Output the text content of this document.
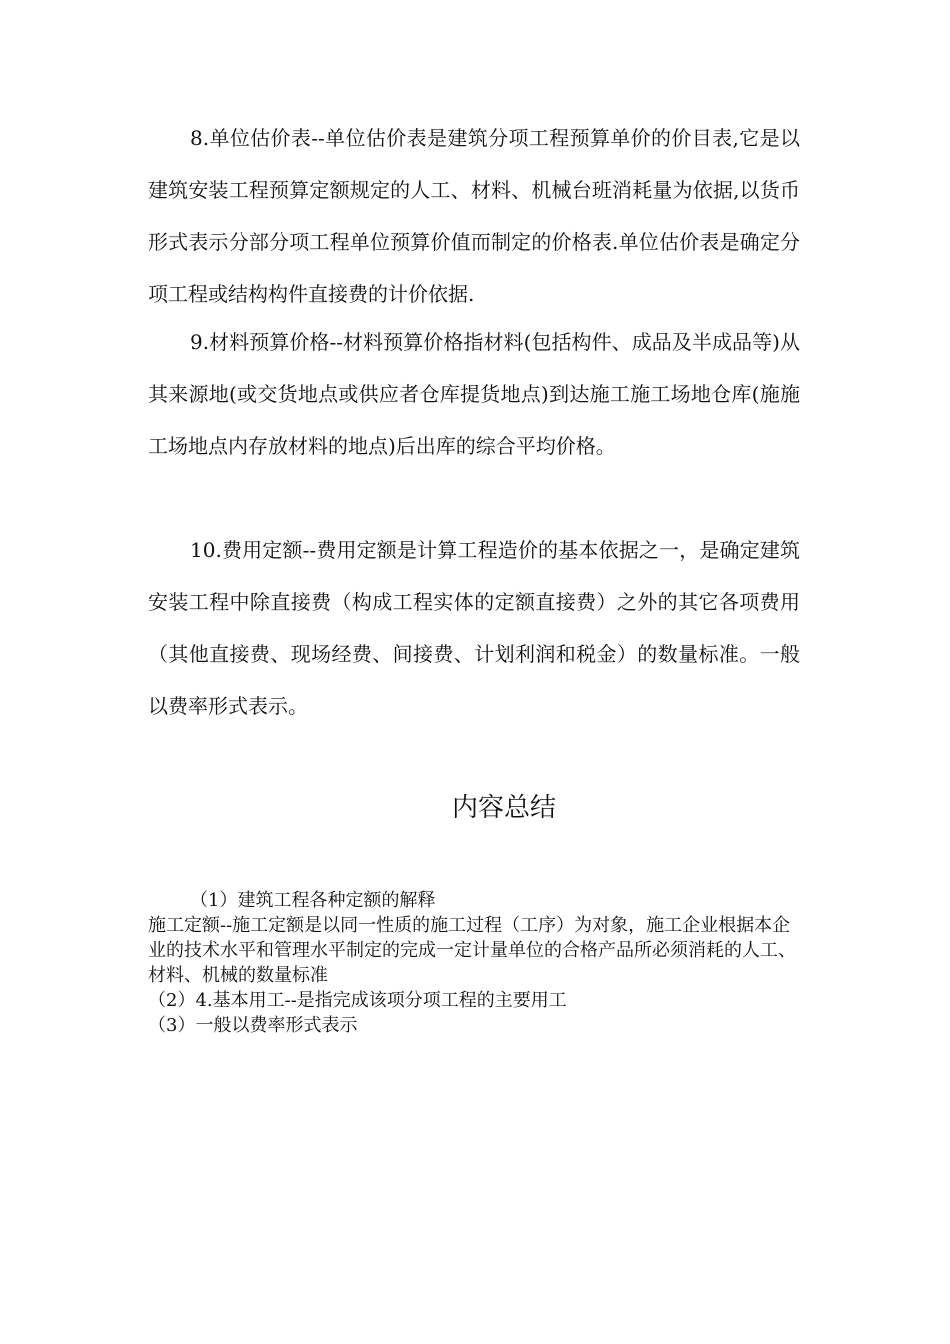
8.单位估价表--单位估价表是建筑分项工程预算单价的价目表,它是以建筑安装工程预算定额规定的人工、材料、机械台班消耗量为依据,以货币形式表示分部分项工程单位预算价值而制定的价格表.单位估价表是确定分项工程或结构构件直接费的计价依据.

9.材料预算价格--材料预算价格指材料(包括构件、成品及半成品等)从其来源地(或交货地点或供应者仓库提货地点)到达施工施工场地仓库(施施工场地点内存放材料的地点)后出库的综合平均价格。

10.费用定额--费用定额是计算工程造价的基本依据之一，是确定建筑安装工程中除直接费（构成工程实体的定额直接费）之外的其它各项费用（其他直接费、现场经费、间接费、计划利润和税金）的数量标准。一般以费率形式表示。

内容总结

（1）建筑工程各种定额的解释

施工定额--施工定额是以同一性质的施工过程（工序）为对象，施工企业根据本企业的技术水平和管理水平制定的完成一定计量单位的合格产品所必须消耗的人工、材料、机械的数量标准

（2）4.基本用工--是指完成该项分项工程的主要用工

（3）一般以费率形式表示
